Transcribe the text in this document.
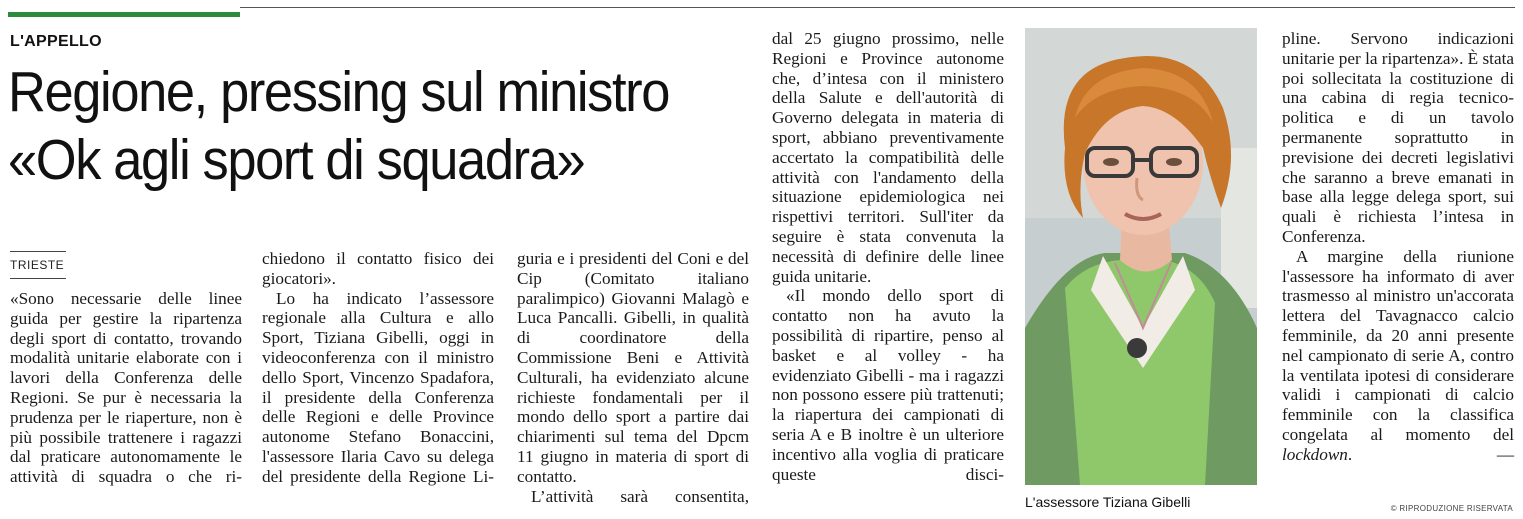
L'APPELLO
Regione, pressing sul ministro
«Ok agli sport di squadra»
TRIESTE

«Sono necessarie delle linee guida per gestire la ripartenza degli sport di contatto, trovando modalità unitarie elaborate con i lavori della Conferenza delle Regioni. Se pur è necessaria la prudenza per le riaperture, non è più possibile trattenere i ragazzi dal praticare autonomamente le attività di squadra o che ri-

chiedono il contatto fisico dei giocatori».

Lo ha indicato l’assessore regionale alla Cultura e allo Sport, Tiziana Gibelli, oggi in videoconferenza con il ministro dello Sport, Vincenzo Spadafora, il presidente della Conferenza delle Regioni e delle Province autonome Stefano Bonaccini, l'assessore Ilaria Cavo su delega del presidente della Regione Li-

guria e i presidenti del Coni e del Cip (Comitato italiano paralimpico) Giovanni Malagò e Luca Pancalli. Gibelli, in qualità di coordinatore della Commissione Beni e Attività Culturali, ha evidenziato alcune richieste fondamentali per il mondo dello sport a partire dai chiarimenti sul tema del Dpcm 11 giugno in materia di sport di contatto.

L’attività sarà consentita,

dal 25 giugno prossimo, nelle Regioni e Province autonome che, d’intesa con il ministero della Salute e dell'autorità di Governo delegata in materia di sport, abbiano preventivamente accertato la compatibilità delle attività con l'andamento della situazione epidemiologica nei rispettivi territori. Sull'iter da seguire è stata convenuta la necessità di definire delle linee guida unitarie.

«Il mondo dello sport di contatto non ha avuto la possibilità di ripartire, penso al basket e al volley - ha evidenziato Gibelli - ma i ragazzi non possono essere più trattenuti; la riapertura dei campionati di seria A e B inoltre è un ulteriore incentivo alla voglia di praticare queste disci-

pline. Servono indicazioni unitarie per la ripartenza». È stata poi sollecitata la costituzione di una cabina di regia tecnico-politica e di un tavolo permanente soprattutto in previsione dei decreti legislativi che saranno a breve emanati in base alla legge delega sport, sui quali è richiesta l’intesa in Conferenza.

A margine della riunione l'assessore ha informato di aver trasmesso al ministro un'accorata lettera del Tavagnacco calcio femminile, da 20 anni presente nel campionato di serie A, contro la ventilata ipotesi di considerare validi i campionati di calcio femminile con la classifica congelata al momento del lockdown. —

L'assessore Tiziana Gibelli	© RIPRODUZIONE RISERVATA
